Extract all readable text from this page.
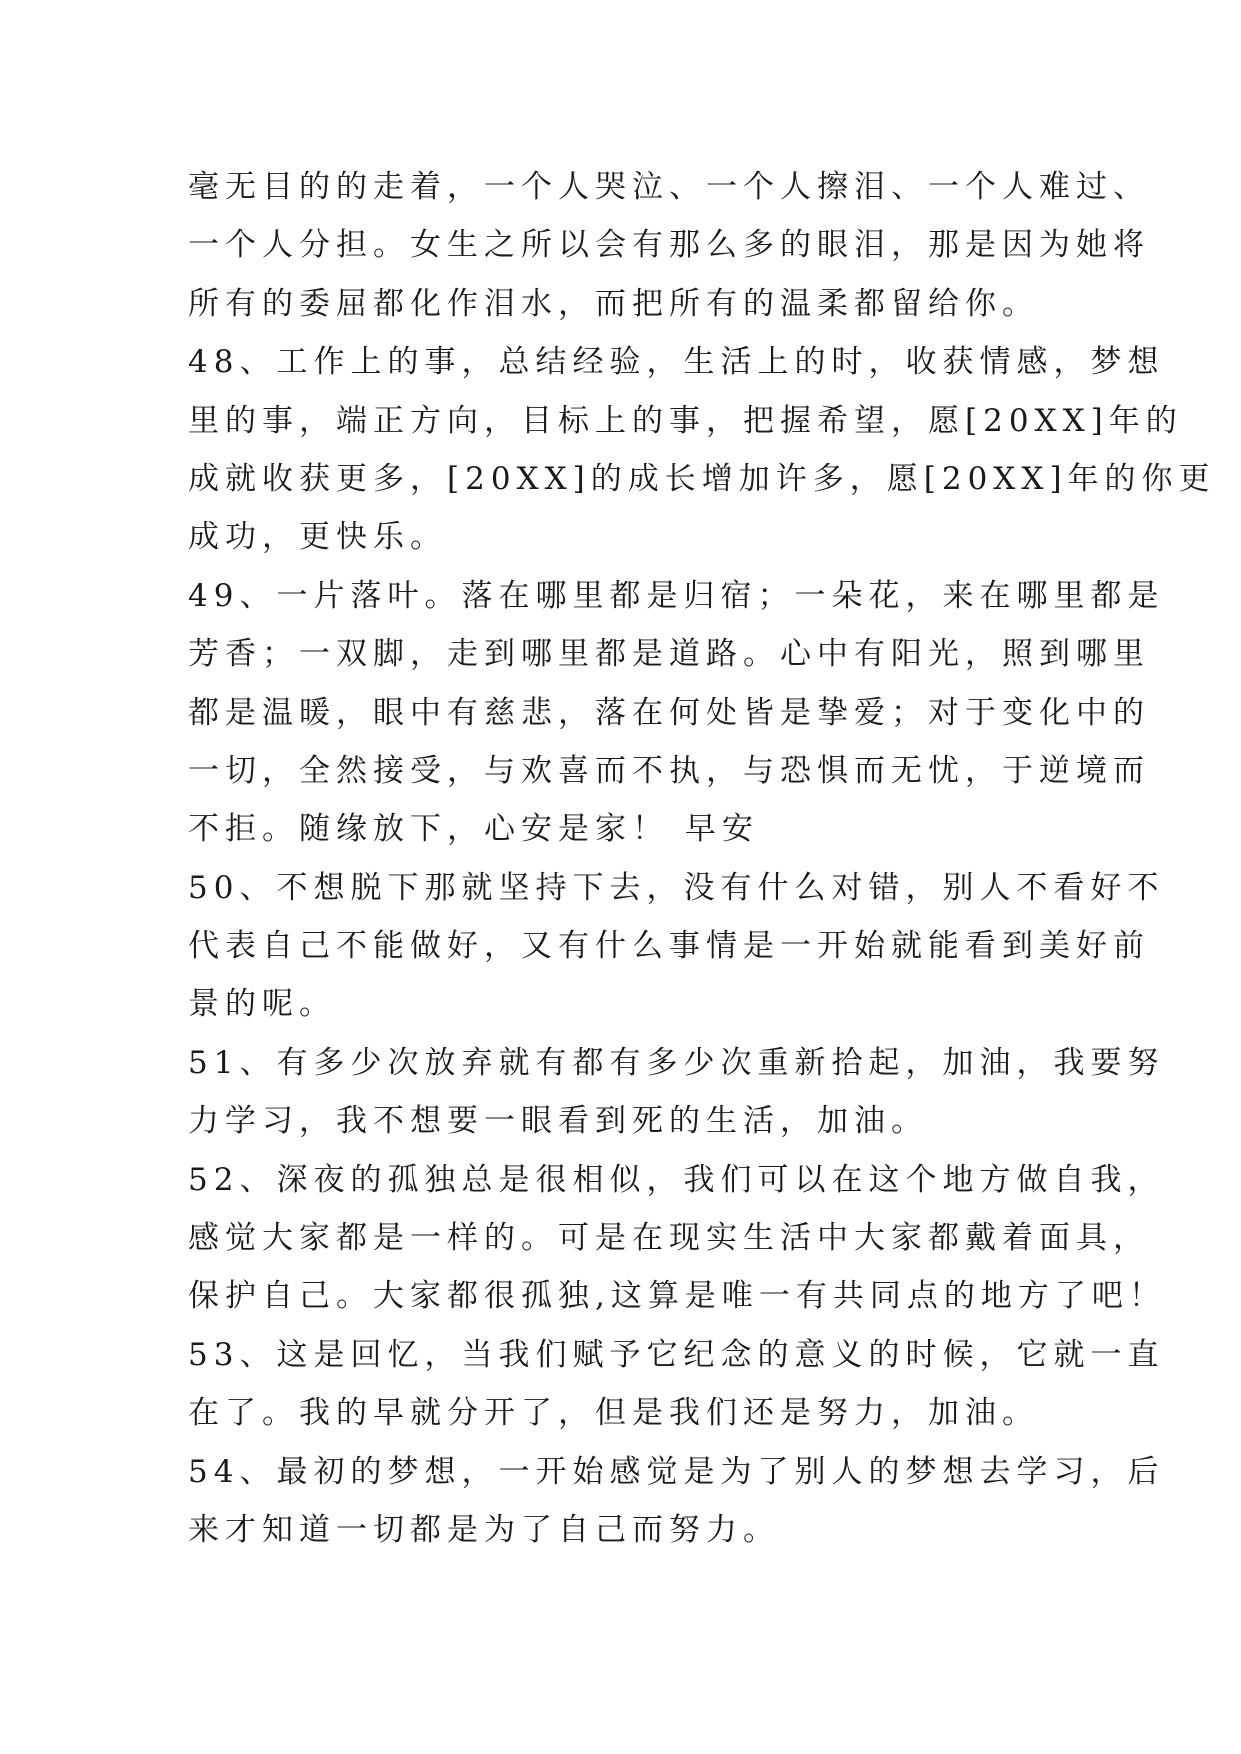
毫无目的的走着，一个人哭泣、一个人擦泪、一个人难过、
一个人分担。女生之所以会有那么多的眼泪，那是因为她将
所有的委屈都化作泪水，而把所有的温柔都留给你。
48、工作上的事，总结经验，生活上的时，收获情感，梦想
里的事，端正方向，目标上的事，把握希望，愿[20XX]年的
成就收获更多，[20XX]的成长增加许多，愿[20XX]年的你更
成功，更快乐。
49、一片落叶。落在哪里都是归宿；一朵花，来在哪里都是
芳香；一双脚，走到哪里都是道路。心中有阳光，照到哪里
都是温暖，眼中有慈悲，落在何处皆是挚爱；对于变化中的
一切，全然接受，与欢喜而不执，与恐惧而无忧，于逆境而
不拒。随缘放下，心安是家！ 早安
50、不想脱下那就坚持下去，没有什么对错，别人不看好不
代表自己不能做好，又有什么事情是一开始就能看到美好前
景的呢。
51、有多少次放弃就有都有多少次重新拾起，加油，我要努
力学习，我不想要一眼看到死的生活，加油。
52、深夜的孤独总是很相似，我们可以在这个地方做自我，
感觉大家都是一样的。可是在现实生活中大家都戴着面具，
保护自己。大家都很孤独,这算是唯一有共同点的地方了吧！
53、这是回忆，当我们赋予它纪念的意义的时候，它就一直
在了。我的早就分开了，但是我们还是努力，加油。
54、最初的梦想，一开始感觉是为了别人的梦想去学习，后
来才知道一切都是为了自己而努力。
